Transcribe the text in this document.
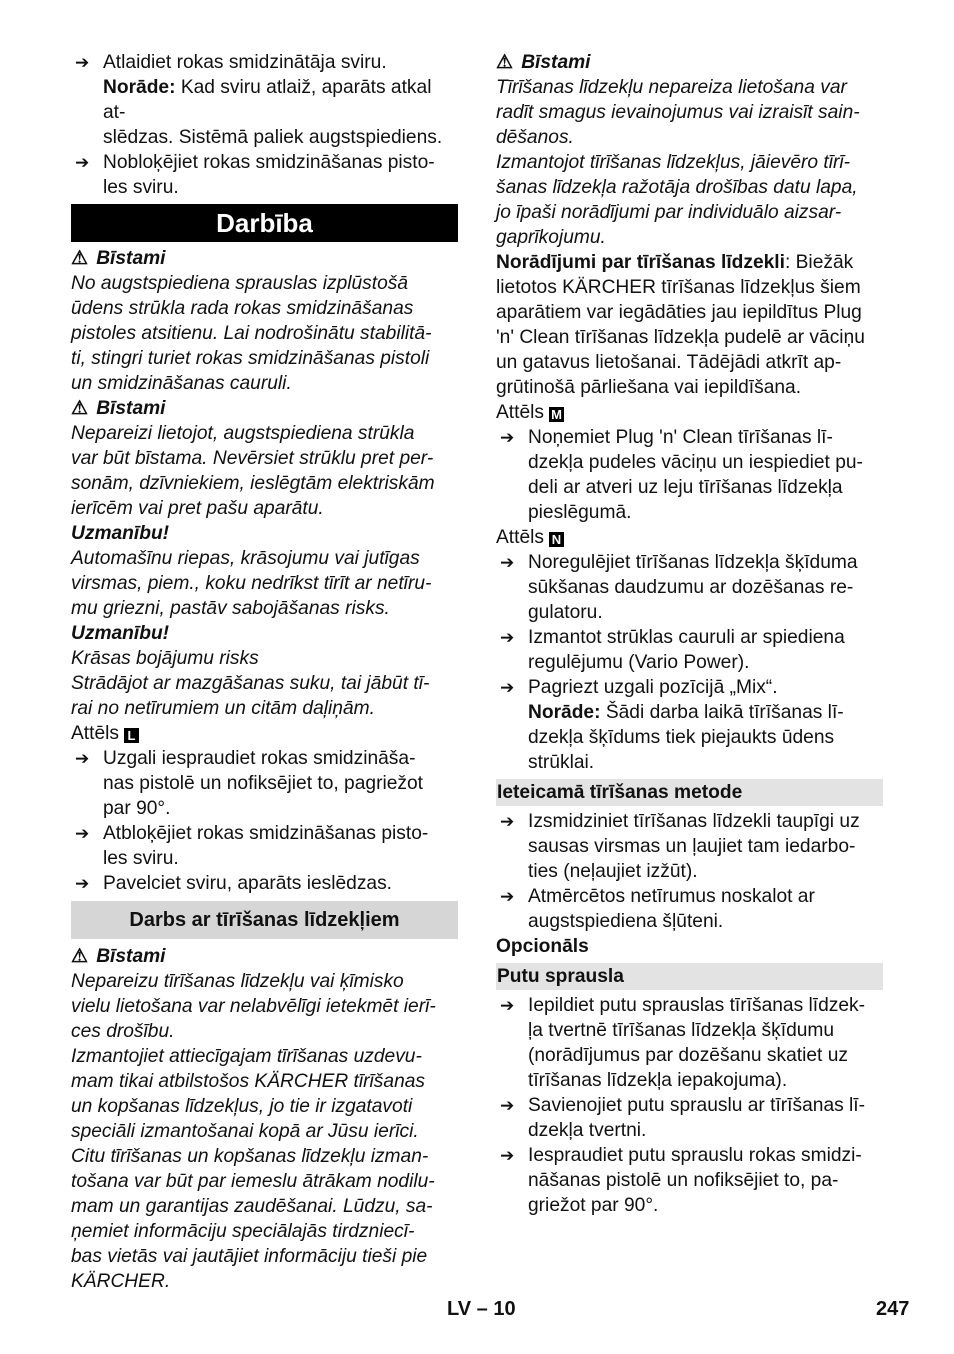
➔ Atlaidiet rokas smidzinātāja sviru.

Norāde: Kad sviru atlaiž, aparāts atkal at-

slēdzas. Sistēmā paliek augstspiediens.
➔ Nobloķējiet rokas smidzināšanas pisto-
les sviru.
Darbība

⚠ Bīstami

No augstspiediena sprauslas izplūstošā
ūdens strūkla rada rokas smidzināšanas
pistoles atsitienu. Lai nodrošinātu stabilitā-
ti, stingri turiet rokas smidzināšanas pistoli
un smidzināšanas cauruli.

⚠ Bīstami

Nepareizi lietojot, augstspiediena strūkla
var būt bīstama. Nevērsiet strūklu pret per-
sonām, dzīvniekiem, ieslēgtām elektriskām
ierīcēm vai pret pašu aparātu.

Uzmanību!

Automašīnu riepas, krāsojumu vai jutīgas
virsmas, piem., koku nedrīkst tīrīt ar netīru-
mu griezni, pastāv sabojāšanas risks.

Uzmanību!

Krāsas bojājumu risks
Strādājot ar mazgāšanas suku, tai jābūt tī-
rai no netīrumiem un citām daļiņām.

Attēls L

➔ Uzgali iespraudiet rokas smidzināša-
nas pistolē un nofiksējiet to, pagriežot
par 90°.
➔ Atbloķējiet rokas smidzināšanas pisto-
les sviru.
➔ Pavelciet sviru, aparāts ieslēdzas.
Darbs ar tīrīšanas līdzekļiem

⚠ Bīstami

Nepareizu tīrīšanas līdzekļu vai ķīmisko
vielu lietošana var nelabvēlīgi ietekmēt ierī-
ces drošību.
Izmantojiet attiecīgajam tīrīšanas uzdevu-
mam tikai atbilstošos KÄRCHER tīrīšanas
un kopšanas līdzekļus, jo tie ir izgatavoti
speciāli izmantošanai kopā ar Jūsu ierīci.
Citu tīrīšanas un kopšanas līdzekļu izman-
tošana var būt par iemeslu ātrākam nodilu-
mam un garantijas zaudēšanai. Lūdzu, sa-
ņemiet informāciju speciālajās tirdzniecī-
bas vietās vai jautājiet informāciju tieši pie
KÄRCHER.

⚠ Bīstami

Tīrīšanas līdzekļu nepareiza lietošana var
radīt smagus ievainojumus vai izraisīt sain-
dēšanos.
Izmantojot tīrīšanas līdzekļus, jāievēro tīrī-
šanas līdzekļa ražotāja drošības datu lapa,
jo īpaši norādījumi par individuālo aizsar-
gaprīkojumu.

Norādījumi par tīrīšanas līdzekli: Biežāk

lietotos KÄRCHER tīrīšanas līdzekļus šiem
aparātiem var iegādāties jau iepildītus Plug
'n' Clean tīrīšanas līdzekļa pudelē ar vāciņu
un gatavus lietošanai. Tādējādi atkrīt ap-
grūtinošā pārliešana vai iepildīšana.

Attēls M

➔ Noņemiet Plug 'n' Clean tīrīšanas lī-
dzekļa pudeles vāciņu un iespiediet pu-
deli ar atveri uz leju tīrīšanas līdzekļa
pieslēgumā.

Attēls N

➔ Noregulējiet tīrīšanas līdzekļa šķīduma
sūkšanas daudzumu ar dozēšanas re-
gulatoru.
➔ Izmantot strūklas cauruli ar spiediena
regulējumu (Vario Power).
➔ Pagriezt uzgali pozīcijā „Mix“.

Norāde: Šādi darba laikā tīrīšanas lī-

dzekļa šķīdums tiek piejaukts ūdens
strūklai.
Ieteicamā tīrīšanas metode
➔ Izsmidziniet tīrīšanas līdzekli taupīgi uz
sausas virsmas un ļaujiet tam iedarbo-
ties (neļaujiet izžūt).
➔ Atmērcētos netīrumus noskalot ar
augstspiediena šļūteni.

Opcionāls

Putu sprausla
➔ Iepildiet putu sprauslas tīrīšanas līdzek-
ļa tvertnē tīrīšanas līdzekļa šķīdumu
(norādījumus par dozēšanu skatiet uz
tīrīšanas līdzekļa iepakojuma).
➔ Savienojiet putu sprauslu ar tīrīšanas lī-
dzekļa tvertni.
➔ Iespraudiet putu sprauslu rokas smidzi-
nāšanas pistolē un nofiksējiet to, pa-
griežot par 90°.
LV – 10	247
